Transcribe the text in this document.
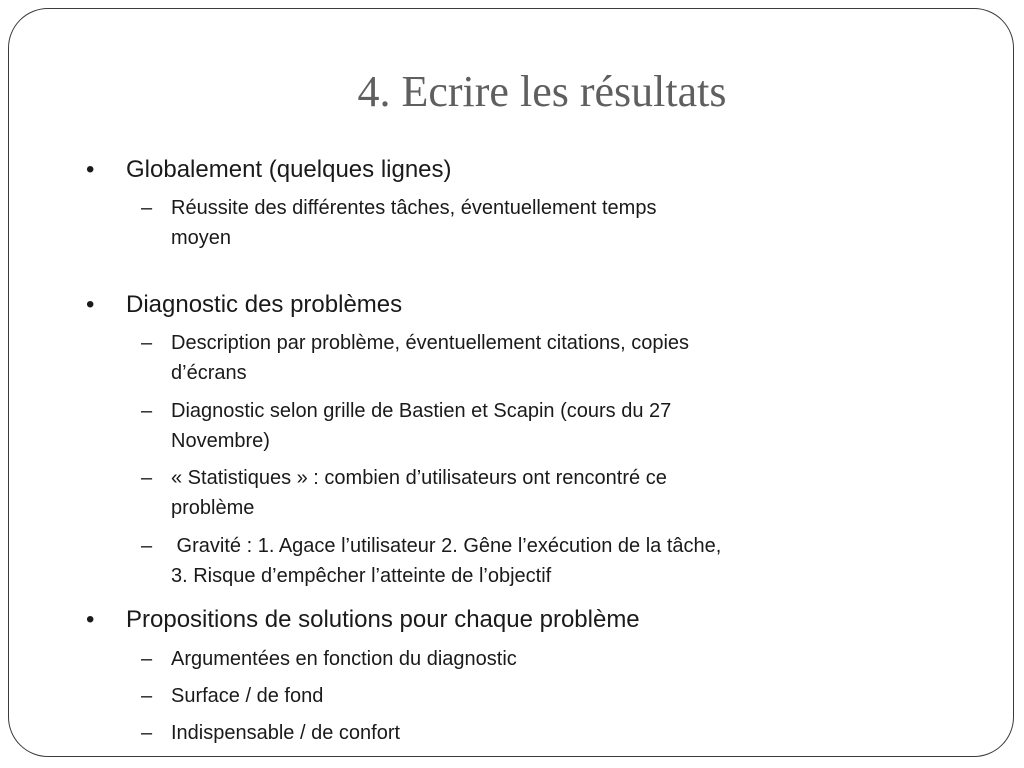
4. Ecrire les résultats
• Globalement (quelques lignes)
– Réussite des différentes tâches, éventuellement temps
moyen
• Diagnostic des problèmes
– Description par problème, éventuellement citations, copies
d’écrans
– Diagnostic selon grille de Bastien et Scapin (cours du 27
Novembre)
– « Statistiques » : combien d’utilisateurs ont rencontré ce
problème
– Gravité : 1. Agace l’utilisateur 2. Gêne l’exécution de la tâche,
3. Risque d’empêcher l’atteinte de l’objectif
• Propositions de solutions pour chaque problème
– Argumentées en fonction du diagnostic
– Surface / de fond
– Indispensable / de confort
